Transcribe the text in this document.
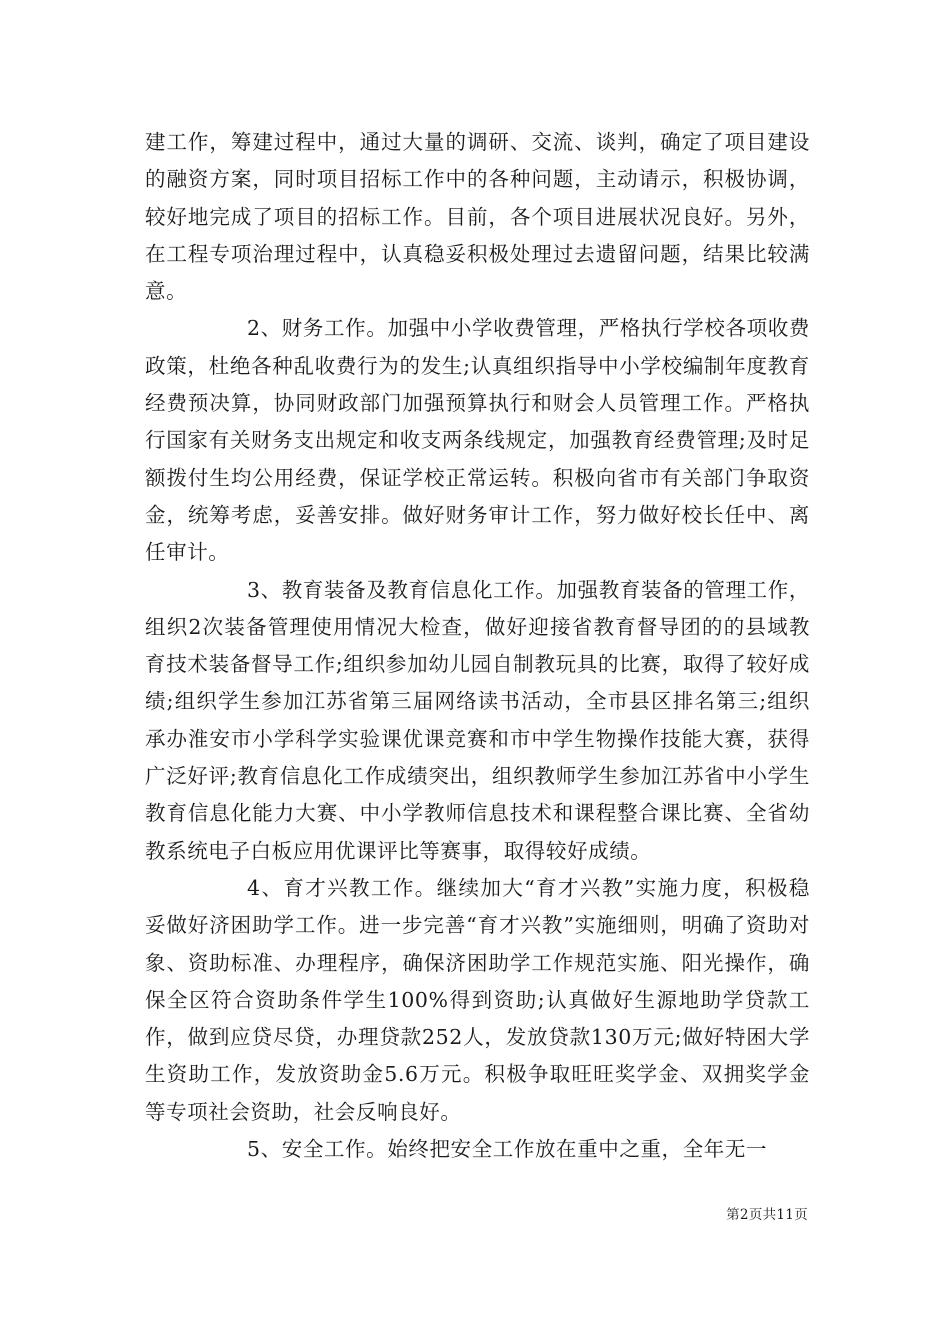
建工作，筹建过程中，通过大量的调研、交流、谈判，确定了项目建设的融资方案，同时项目招标工作中的各种问题，主动请示，积极协调，较好地完成了项目的招标工作。目前，各个项目进展状况良好。另外，在工程专项治理过程中，认真稳妥积极处理过去遗留问题，结果比较满意。

2、财务工作。加强中小学收费管理，严格执行学校各项收费政策，杜绝各种乱收费行为的发生;认真组织指导中小学校编制年度教育经费预决算，协同财政部门加强预算执行和财会人员管理工作。严格执行国家有关财务支出规定和收支两条线规定，加强教育经费管理;及时足额拨付生均公用经费，保证学校正常运转。积极向省市有关部门争取资金，统筹考虑，妥善安排。做好财务审计工作，努力做好校长任中、离任审计。

3、教育装备及教育信息化工作。加强教育装备的管理工作，组织2次装备管理使用情况大检查，做好迎接省教育督导团的的县域教育技术装备督导工作;组织参加幼儿园自制教玩具的比赛，取得了较好成绩;组织学生参加江苏省第三届网络读书活动，全市县区排名第三;组织承办淮安市小学科学实验课优课竞赛和市中学生物操作技能大赛，获得广泛好评;教育信息化工作成绩突出，组织教师学生参加江苏省中小学生教育信息化能力大赛、中小学教师信息技术和课程整合课比赛、全省幼教系统电子白板应用优课评比等赛事，取得较好成绩。

4、育才兴教工作。继续加大“育才兴教”实施力度，积极稳妥做好济困助学工作。进一步完善“育才兴教”实施细则，明确了资助对象、资助标准、办理程序，确保济困助学工作规范实施、阳光操作，确保全区符合资助条件学生100%得到资助;认真做好生源地助学贷款工作，做到应贷尽贷，办理贷款252人，发放贷款130万元;做好特困大学生资助工作，发放资助金5.6万元。积极争取旺旺奖学金、双拥奖学金等专项社会资助，社会反响良好。

5、安全工作。始终把安全工作放在重中之重，全年无一

第2页共11页
